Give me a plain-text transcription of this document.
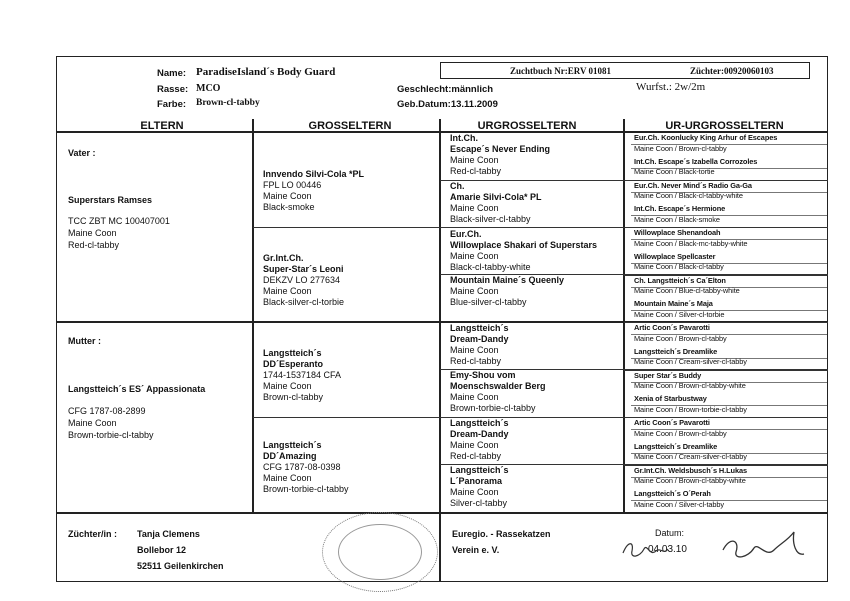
Name: ParadiseIsland´s Body Guard
Rasse: MCO
Farbe: Brown-cl-tabby
Geschlecht:männlich
Geb.Datum:13.11.2009
Zuchtbuch Nr:ERV 01081	Züchter:00920060103
Wurfst.: 2w/2m
ELTERN	GROSSELTERN	URGROSSELTERN	UR-URGROSSELTERN
Vater :
Superstars Ramses
TCC ZBT MC 100407001
Maine Coon
Red-cl-tabby
Mutter :
Langstteich´s ES´ Appassionata
CFG 1787-08-2899
Maine Coon
Brown-torbie-cl-tabby
Innvendo Silvi-Cola *PL
FPL LO 00446
Maine Coon
Black-smoke
Gr.Int.Ch.
Super-Star´s Leoni
DEKZV LO 277634
Maine Coon
Black-silver-cl-torbie
Langstteich´s
DD´Esperanto
1744-1537184 CFA
Maine Coon
Brown-cl-tabby
Langstteich´s
DD´Amazing
CFG 1787-08-0398
Maine Coon
Brown-torbie-cl-tabby
Int.Ch.
Escape´s Never Ending
Maine Coon
Red-cl-tabby
Ch.
Amarie Silvi-Cola* PL
Maine Coon
Black-silver-cl-tabby
Eur.Ch.
Willowplace Shakari of Superstars
Maine Coon
Black-cl-tabby-white
Mountain Maine´s Queenly
Maine Coon
Blue-silver-cl-tabby
Langstteich´s
Dream-Dandy
Maine Coon
Red-cl-tabby
Emy-Shou vom
Moenschswalder Berg
Maine Coon
Brown-torbie-cl-tabby
Langstteich´s
Dream-Dandy
Maine Coon
Red-cl-tabby
Langstteich´s
L´Panorama
Maine Coon
Silver-cl-tabby
Eur.Ch. Koonlucky King Arhur of Escapes
Maine Coon / Brown-cl-tabby
Int.Ch. Escape´s Izabella Corrozoles
Maine Coon / Black-tortie
Eur.Ch. Never Mind´s Radio Ga-Ga
Maine Coon / Black-cl-tabby-white
Int.Ch. Escape´s Hermione
Maine Coon / Black-smoke
Willowplace Shenandoah
Maine Coon / Black-mc-tabby-white
Willowplace Spellcaster
Maine Coon / Black-cl-tabby
Ch. Langstteich´s Ca´Elton
Maine Coon / Blue-cl-tabby-white
Mountain Maine´s Maja
Maine Coon / Silver-cl-torbie
Artic Coon´s Pavarotti
Maine Coon / Brown-cl-tabby
Langstteich´s Dreamlike
Maine Coon / Cream-silver-cl-tabby
Super Star´s Buddy
Maine Coon / Brown-cl-tabby-white
Xenia of Starbustway
Maine Coon / Brown-torbie-cl-tabby
Artic Coon´s Pavarotti
Maine Coon / Brown-cl-tabby
Langstteich´s Dreamlike
Maine Coon / Cream-silver-cl-tabby
Gr.Int.Ch. Weldsbusch´s H.Lukas
Maine Coon / Brown-cl-tabby-white
Langstteich´s O´Perah
Maine Coon / Silver-cl-tabby
Züchter/in : Tanja Clemens
Bollebor 12
52511 Geilenkirchen
Euregio. - Rassekatzen
Verein e. V.
Datum:
04.03.10
